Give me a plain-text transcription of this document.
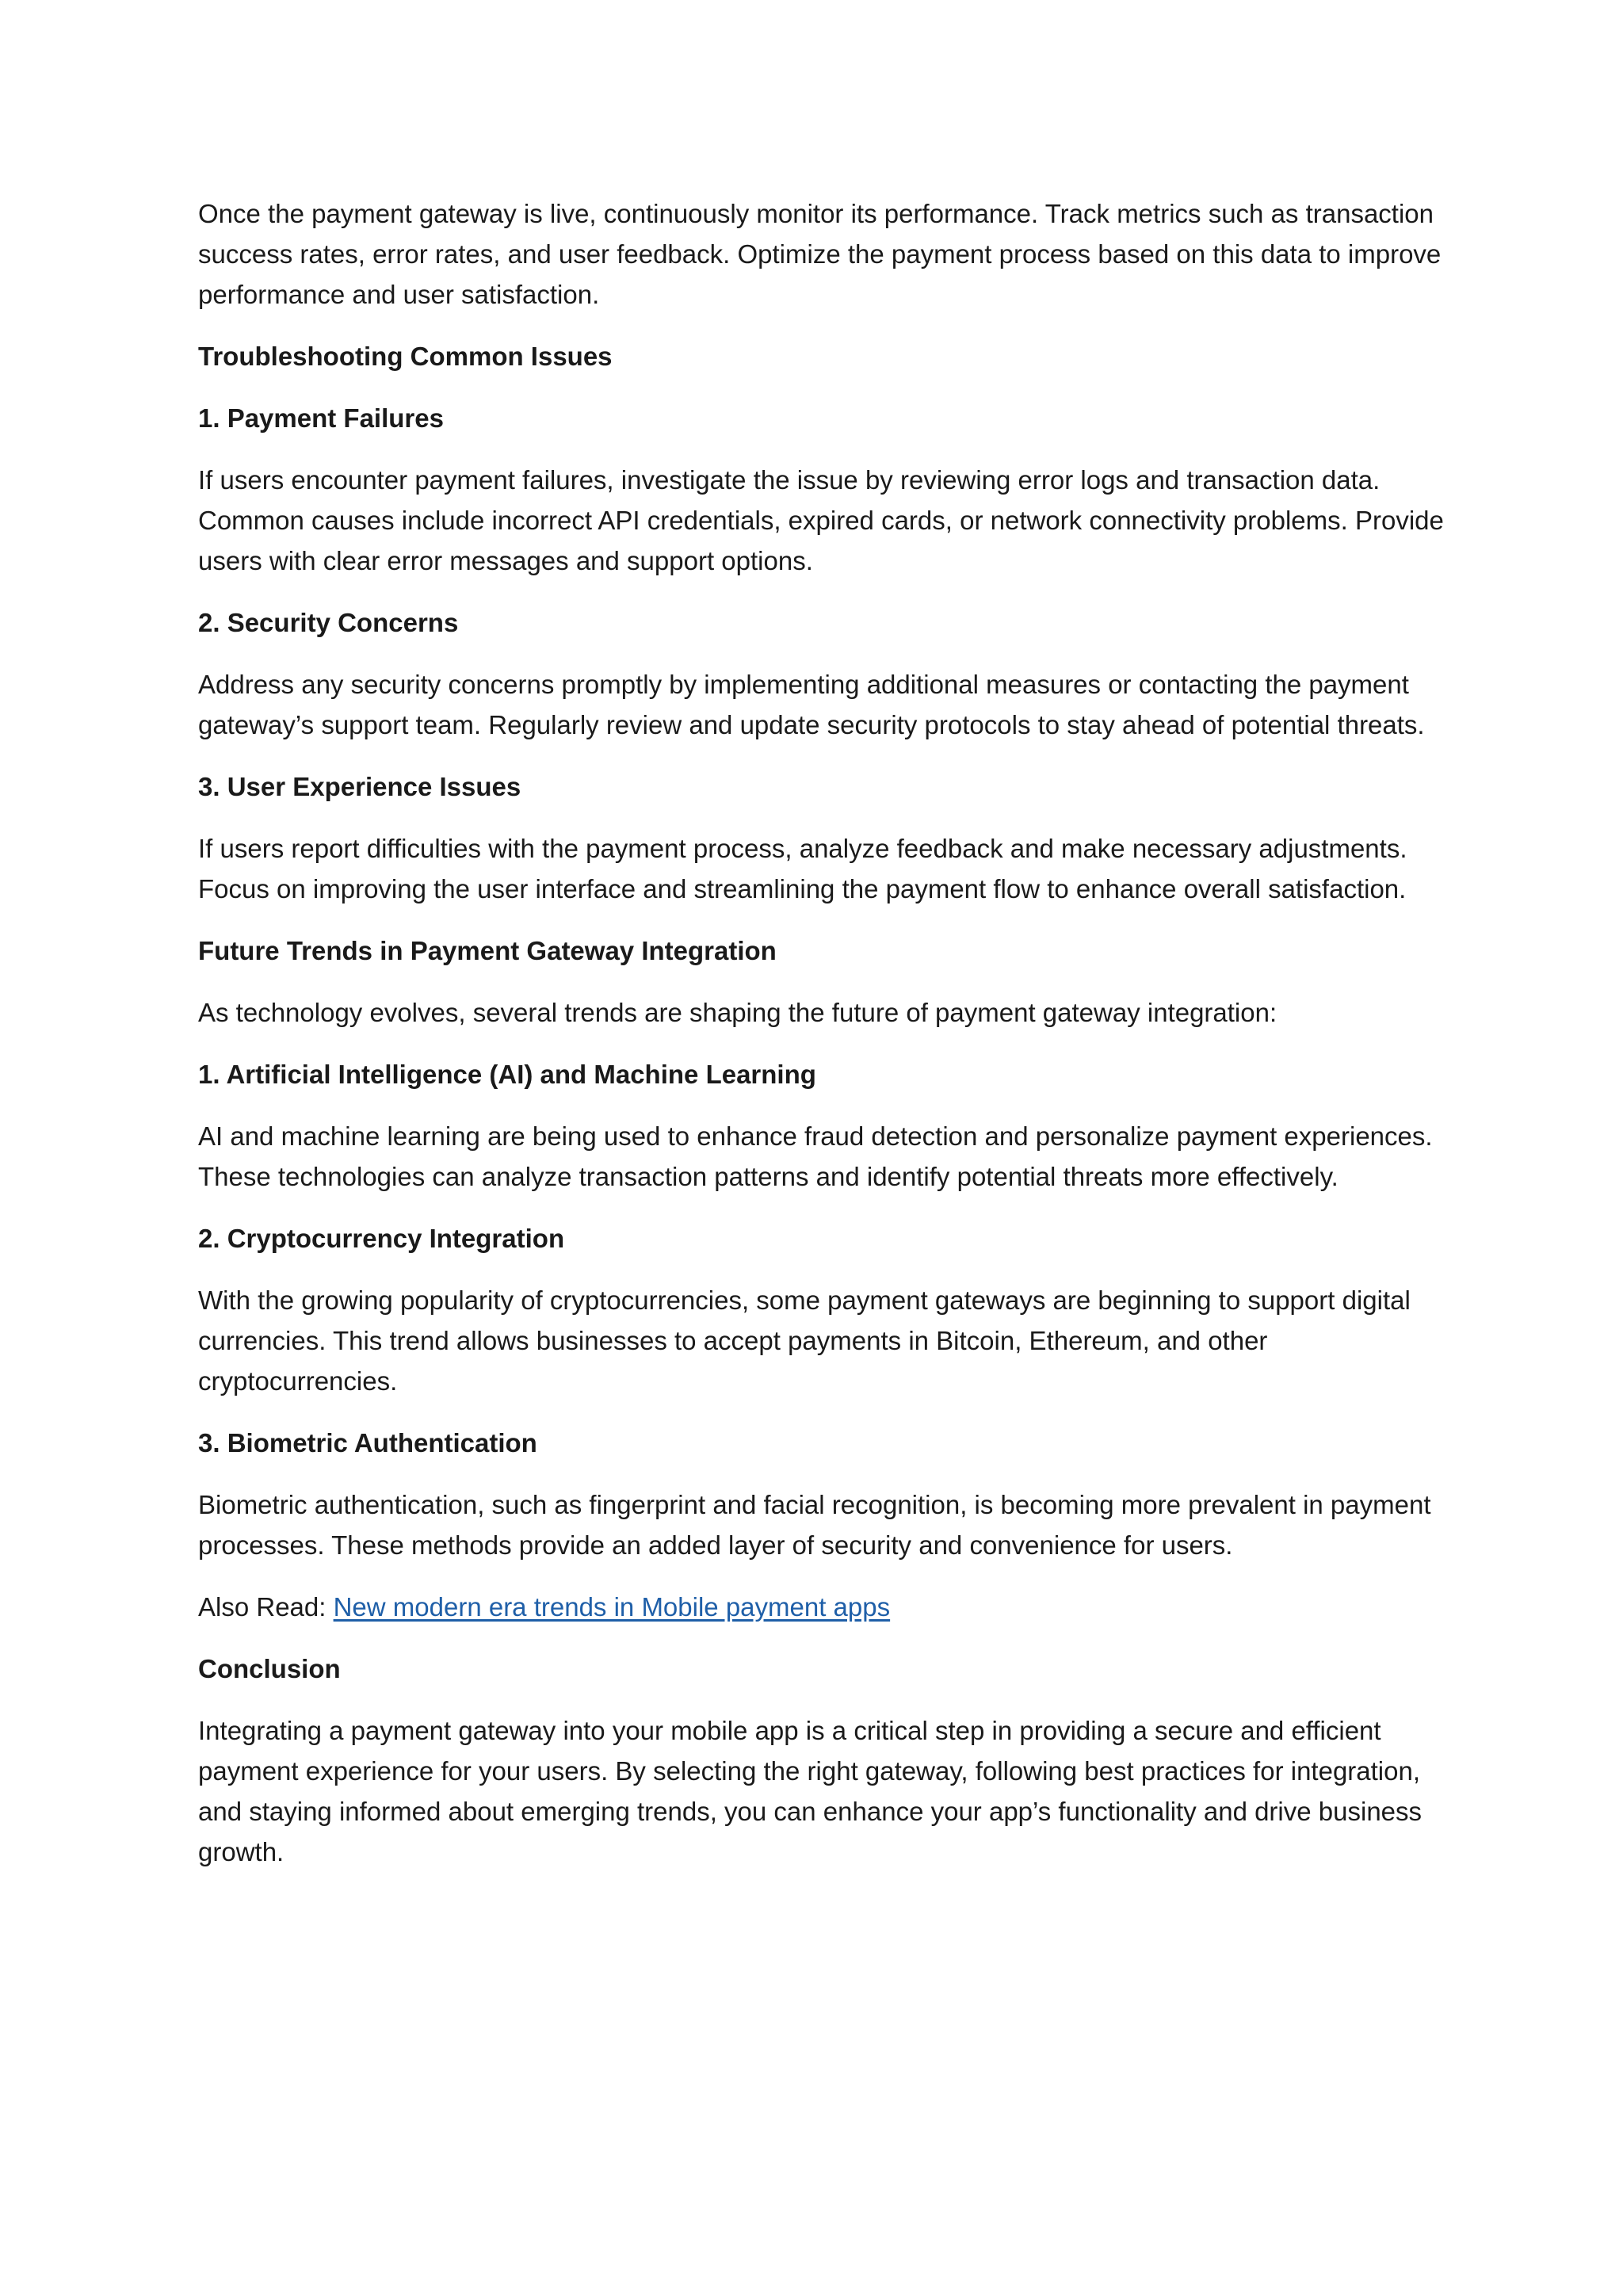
Once the payment gateway is live, continuously monitor its performance. Track metrics such as transaction success rates, error rates, and user feedback. Optimize the payment process based on this data to improve performance and user satisfaction.

Troubleshooting Common Issues
1. Payment Failures

If users encounter payment failures, investigate the issue by reviewing error logs and transaction data. Common causes include incorrect API credentials, expired cards, or network connectivity problems. Provide users with clear error messages and support options.

2. Security Concerns

Address any security concerns promptly by implementing additional measures or contacting the payment gateway’s support team. Regularly review and update security protocols to stay ahead of potential threats.

3. User Experience Issues

If users report difficulties with the payment process, analyze feedback and make necessary adjustments. Focus on improving the user interface and streamlining the payment flow to enhance overall satisfaction.

Future Trends in Payment Gateway Integration

As technology evolves, several trends are shaping the future of payment gateway integration:

1. Artificial Intelligence (AI) and Machine Learning

AI and machine learning are being used to enhance fraud detection and personalize payment experiences. These technologies can analyze transaction patterns and identify potential threats more effectively.

2. Cryptocurrency Integration

With the growing popularity of cryptocurrencies, some payment gateways are beginning to support digital currencies. This trend allows businesses to accept payments in Bitcoin, Ethereum, and other cryptocurrencies.

3. Biometric Authentication

Biometric authentication, such as fingerprint and facial recognition, is becoming more prevalent in payment processes. These methods provide an added layer of security and convenience for users.

Also Read: New modern era trends in Mobile payment apps

Conclusion

Integrating a payment gateway into your mobile app is a critical step in providing a secure and efficient payment experience for your users. By selecting the right gateway, following best practices for integration, and staying informed about emerging trends, you can enhance your app’s functionality and drive business growth.
